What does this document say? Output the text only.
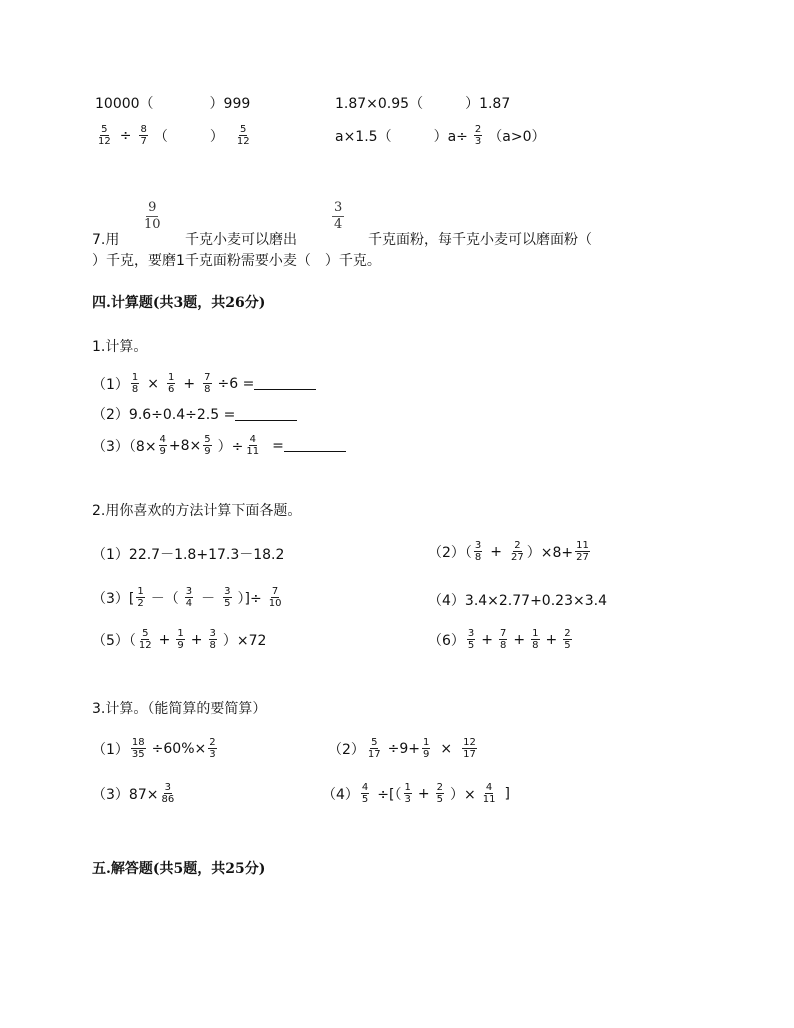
10000（　　　　）999	1.87×0.95（　　　）1.87
$\frac{5}{12} \div \frac{8}{7}$ （　　　） $\frac{5}{12}$	a×1.5（　　　）$a\div \frac{2}{3} (a>0)$
$\frac{9}{10}$	$\frac{3}{4}$
7.用	千克小麦可以磨出	千克面粉，每千克小麦可以磨面粉（
）千克，要磨1千克面粉需要小麦（　）千克。
四.计算题(共3题，共26分)
1.计算。
$(1) \frac{1}{8} \times \frac{1}{6} + \frac{7}{8} \div 6$ =
（2）9.6÷0.4÷2.5 =
$(3)(8\times \frac{4}{9} +8\times \frac{5}{9}$ ）÷ $\frac{4}{11}$ =
2.用你喜欢的方法计算下面各题。
（1）22.7－1.8+17.3－18.2	$(2)( \frac{3}{8} + \frac{2}{27} )\times 8+ \frac{11}{27}$
$(3)[ \frac{1}{2}$ －（ $\frac{3}{4} - \frac{3}{5}$ ）]÷ $\frac{7}{10}$	（4）3.4×2.77+0.23×3.4
$(5)( \frac{5}{12} + \frac{1}{9} + \frac{3}{8} )\times 72$	$(6) \frac{3}{5} + \frac{7}{8} + \frac{1}{8} + \frac{2}{5}$
3.计算。（能简算的要简算）
$(1) \frac{18}{35} \div 60\%\times \frac{2}{3}$	$(2) \frac{5}{17} \div 9+ \frac{1}{9} \times \frac{12}{17}$
$(3)87\times \frac{3}{86}$	$(4) \frac{4}{5}$ ÷[（ $\frac{1}{3} + \frac{2}{5}$ ）× $\frac{4}{11}$ ]
五.解答题(共5题，共25分)
